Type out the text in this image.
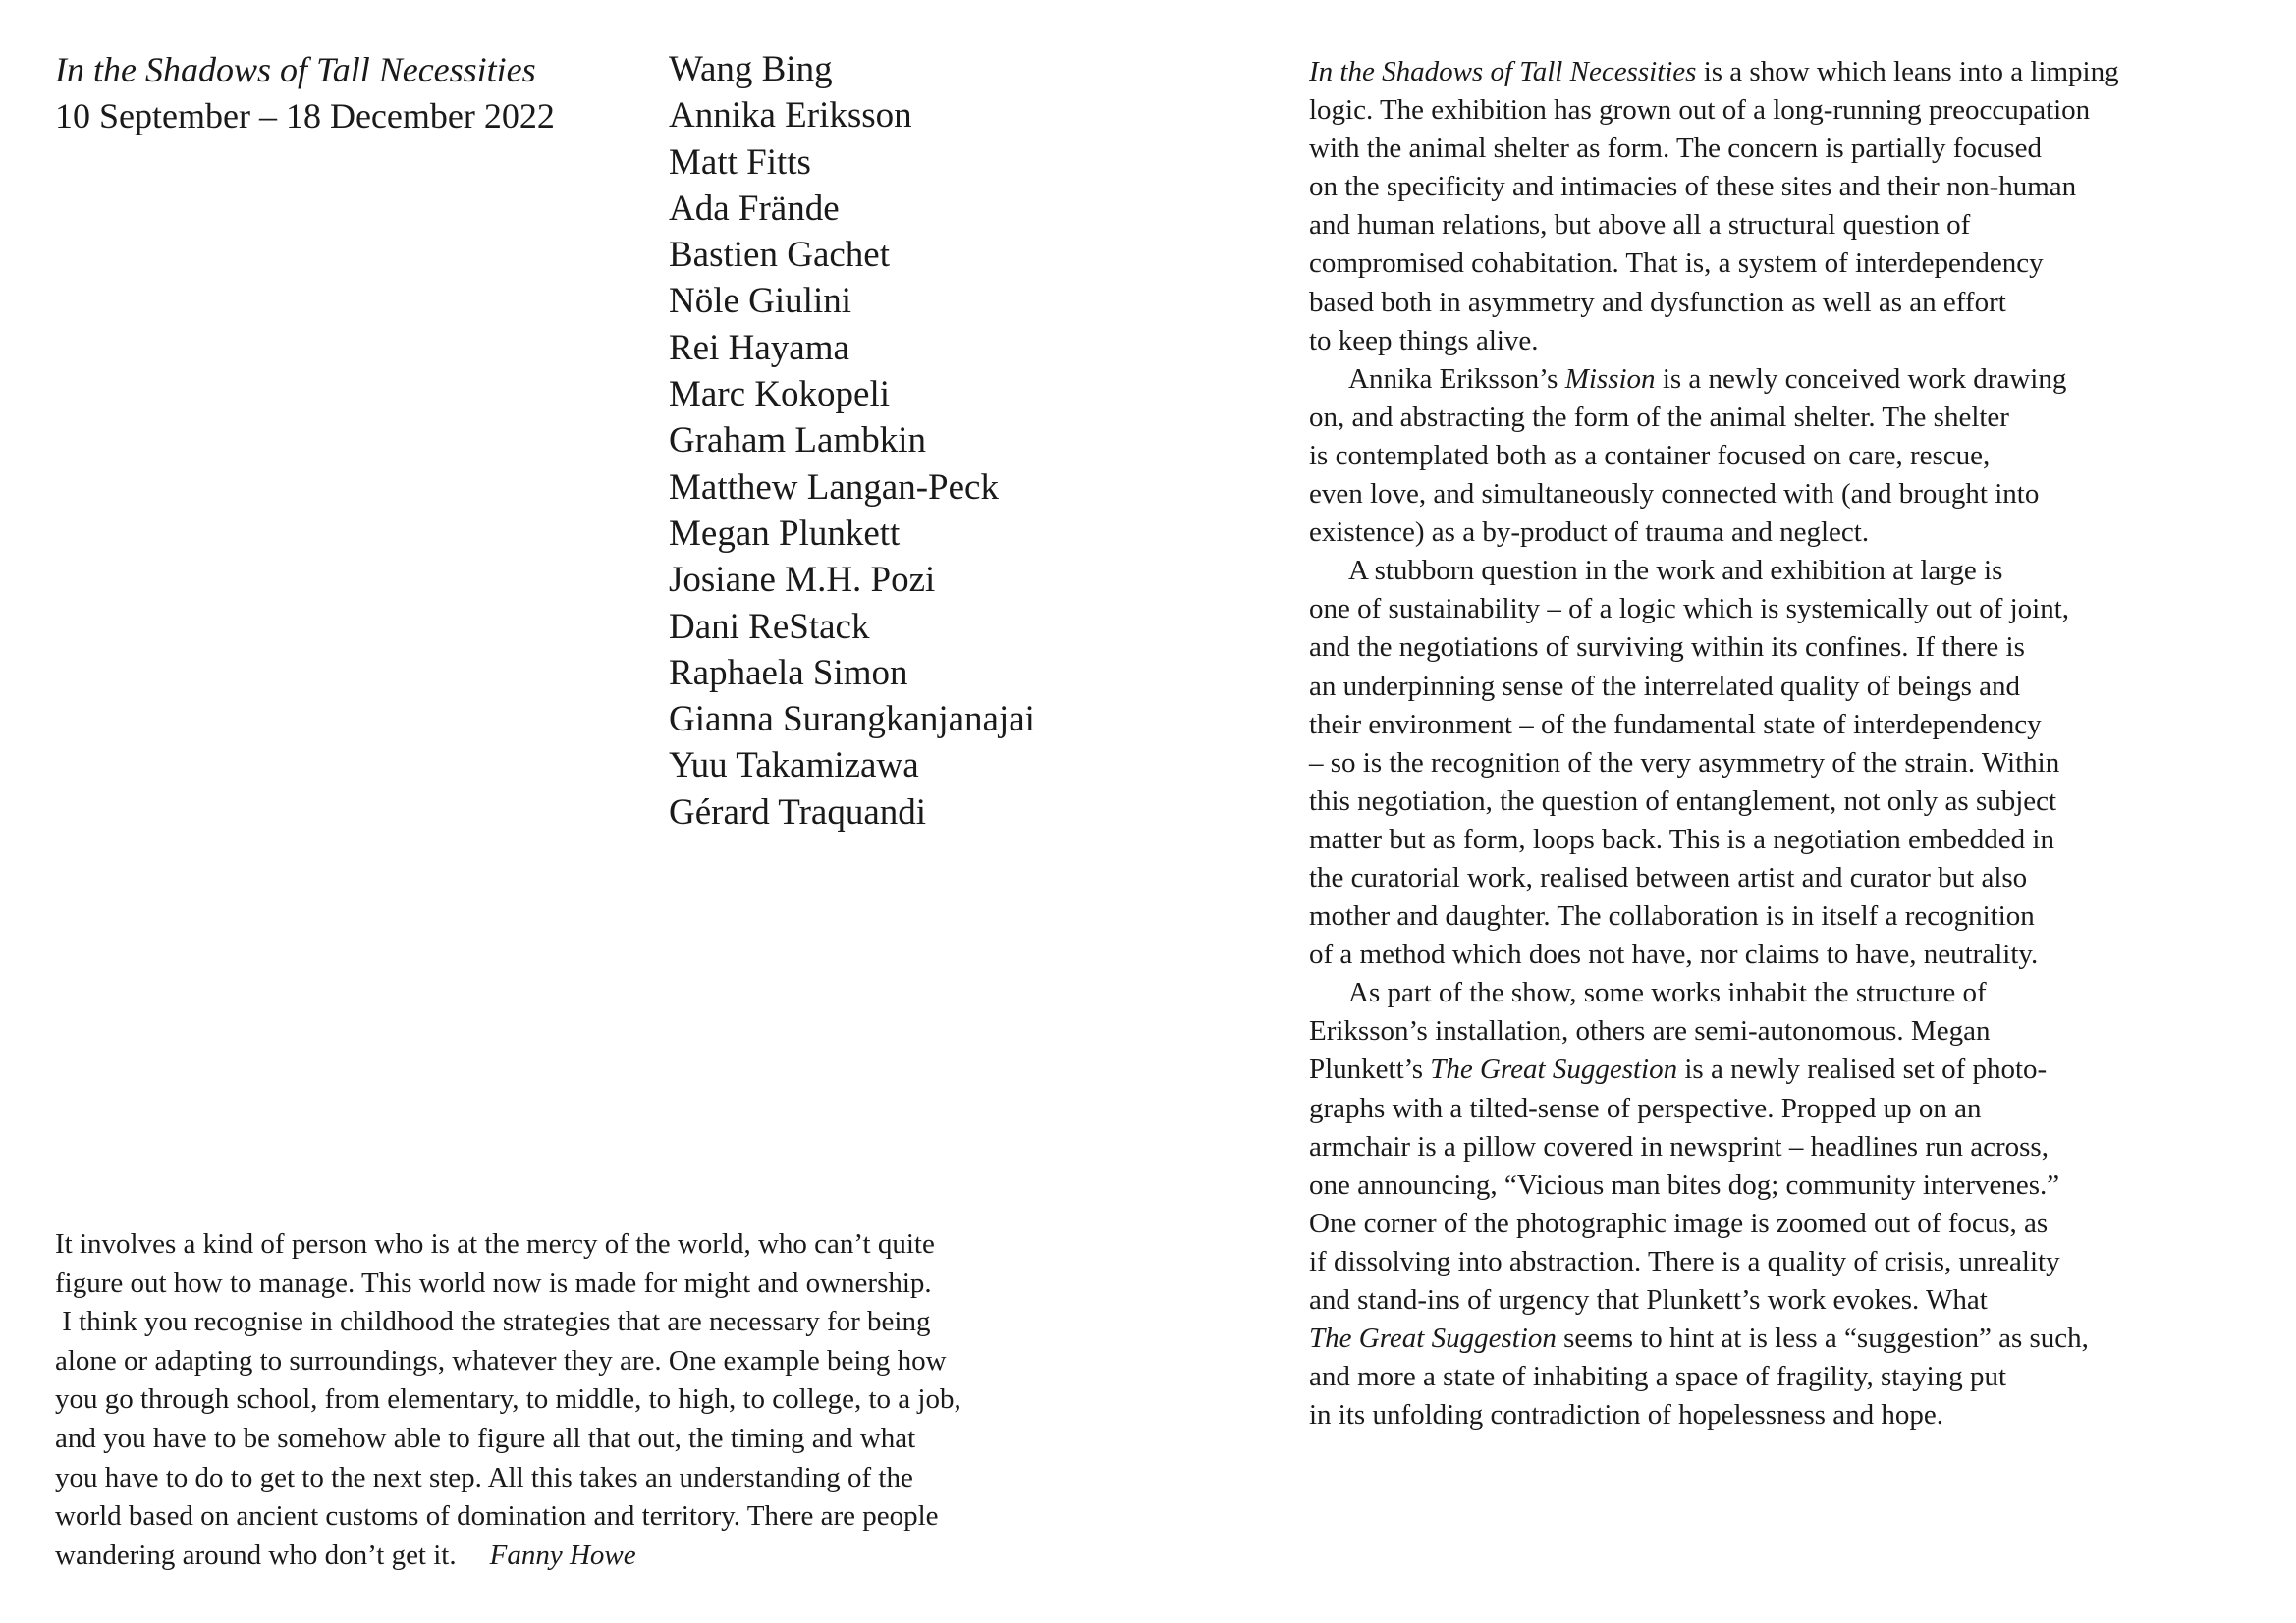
In the Shadows of Tall Necessities
10 September – 18 December 2022
Wang Bing
Annika Eriksson
Matt Fitts
Ada Frände
Bastien Gachet
Nöle Giulini
Rei Hayama
Marc Kokopeli
Graham Lambkin
Matthew Langan-Peck
Megan Plunkett
Josiane M.H. Pozi
Dani ReStack
Raphaela Simon
Gianna Surangkanjanajai
Yuu Takamizawa
Gérard Traquandi
It involves a kind of person who is at the mercy of the world, who can’t quite
figure out how to manage. This world now is made for might and ownership.
I think you recognise in childhood the strategies that are necessary for being
alone or adapting to surroundings, whatever they are. One example being how
you go through school, from elementary, to middle, to high, to college, to a job,
and you have to be somehow able to figure all that out, the timing and what
you have to do to get to the next step. All this takes an understanding of the
world based on ancient customs of domination and territory. There are people
wandering around who don’t get it. Fanny Howe
In the Shadows of Tall Necessities is a show which leans into a limping
logic. The exhibition has grown out of a long-running preoccupation
with the animal shelter as form. The concern is partially focused
on the specificity and intimacies of these sites and their non-human
and human relations, but above all a structural question of
compromised cohabitation. That is, a system of interdependency
based both in asymmetry and dysfunction as well as an effort
to keep things alive.
Annika Eriksson’s Mission is a newly conceived work drawing
on, and abstracting the form of the animal shelter. The shelter
is contemplated both as a container focused on care, rescue,
even love, and simultaneously connected with (and brought into
existence) as a by-product of trauma and neglect.
A stubborn question in the work and exhibition at large is
one of sustainability – of a logic which is systemically out of joint,
and the negotiations of surviving within its confines. If there is
an underpinning sense of the interrelated quality of beings and
their environment – of the fundamental state of interdependency
– so is the recognition of the very asymmetry of the strain. Within
this negotiation, the question of entanglement, not only as subject
matter but as form, loops back. This is a negotiation embedded in
the curatorial work, realised between artist and curator but also
mother and daughter. The collaboration is in itself a recognition
of a method which does not have, nor claims to have, neutrality.
As part of the show, some works inhabit the structure of
Eriksson’s installation, others are semi-autonomous. Megan
Plunkett’s The Great Suggestion is a newly realised set of photo-
graphs with a tilted-sense of perspective. Propped up on an
armchair is a pillow covered in newsprint – headlines run across,
one announcing, “Vicious man bites dog; community intervenes.”
One corner of the photographic image is zoomed out of focus, as
if dissolving into abstraction. There is a quality of crisis, unreality
and stand-ins of urgency that Plunkett’s work evokes. What
The Great Suggestion seems to hint at is less a “suggestion” as such,
and more a state of inhabiting a space of fragility, staying put
in its unfolding contradiction of hopelessness and hope.
